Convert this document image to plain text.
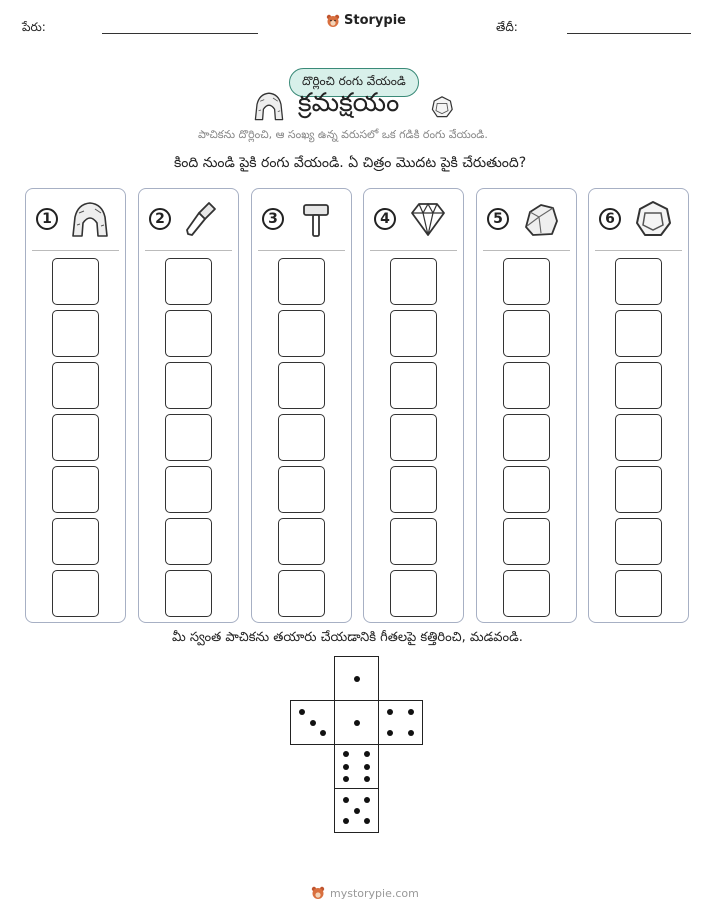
పేరు:	Storypie	తేదీ:
దొర్లించి రంగు వేయండి
క్రమక్షయం
పాచికను దొర్లించి, ఆ సంఖ్య ఉన్న వరుసలో ఒక గడికి రంగు వేయండి.
కింది నుండి పైకి రంగు వేయండి. ఏ చిత్రం మొదట పైకి చేరుతుంది?
1	2	3	4	5	6
మీ స్వంత పాచికను తయారు చేయడానికి గీతలపై కత్తిరించి, మడవండి.
mystorypie.com
